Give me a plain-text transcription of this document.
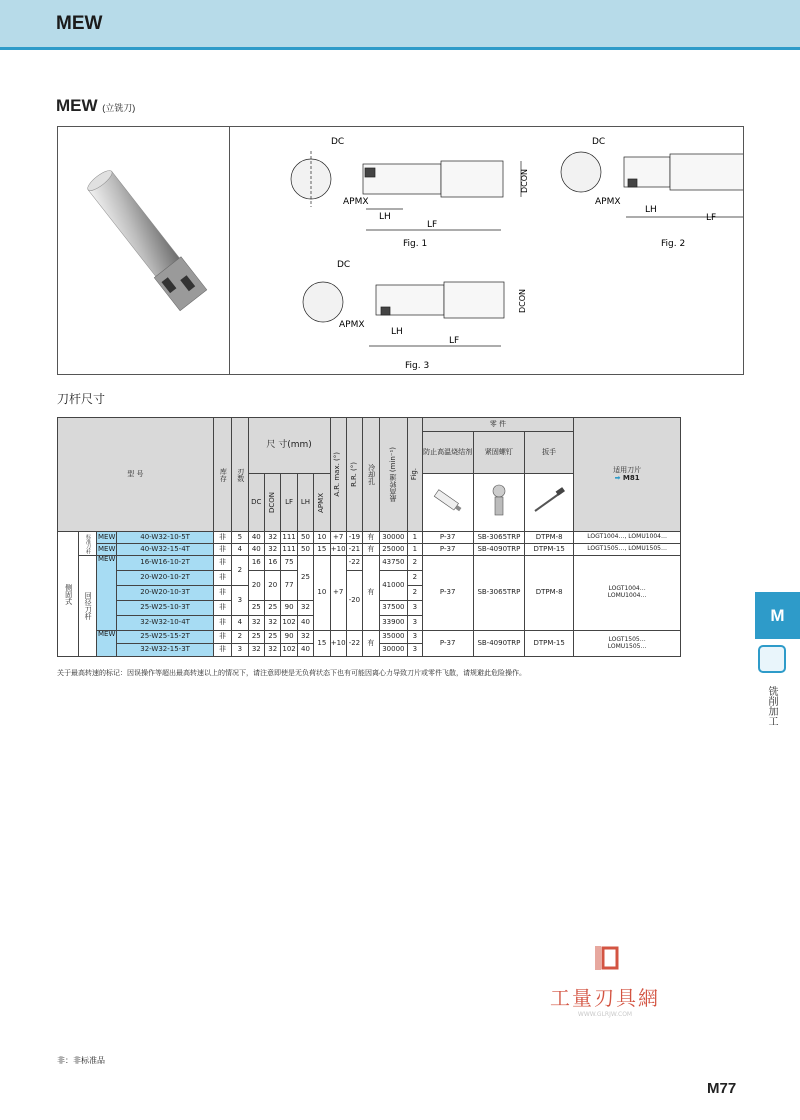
MEW
MEW (立铣刀)
DC
APMX
LH
LF
DCON
Fig. 1
DC
APMX
LH
LF
Fig. 2
DC
APMX
LH
LF
DCON
Fig. 3
刀杆尺寸
型 号				库存	刃数	尺 寸(mm)					A.R. max. (°)	R.R. (°)	冷却孔	最高转速 (min⁻¹)	Fig.	零 件			适用刀片
➡ M81

																防止高温烧结剂	紧固螺钉	扳手	
						DC	DCON	LF	LH	APMX

侧固式	标准刀杆	MEW	40-W32-10-5T	非	5	40	32	111	50	10	+7	-19	有	30000	1	P-37	SB-3065TRP	DTPM-8	LOGT1004…, LOMU1004…
		MEW	40-W32-15-4T	非	4	40	32	111	50	15	+10	-21	有	25000	1	P-37	SB-4090TRP	DTPM-15	LOGT1505…, LOMU1505…

	回径刀杆	MEW	16-W16-10-2T	非	2	16	16	75	25	10	+7	-22	有	43750	2	P-37	SB-3065TRP	DTPM-8	LOGT1004…
LOMU1004…

			20-W20-10-2T	非		20	20	77				-20		41000	2				
			20-W20-10-3T	非	3										2				
			25-W25-10-3T	非		25	25	90	32					37500	3				
			32-W32-10-4T	非	4	32	32	102	40					33900	3				
		MEW	25-W25-15-2T	非	2	25	25	90	32	15	+10	-22	有	35000	3	P-37	SB-4090TRP	DTPM-15	LOGT1505…
LOMU1505…

			32-W32-15-3T	非	3	32	32	102	40					30000	3				
关于最高转速的标记：因误操作等超出最高转速以上的情况下，请注意即使是无负荷状态下也有可能因离心力导致刀片或零件飞散，请规避此危险操作。
M
铣削加工
工量刃具網
WWW.GLRJW.COM
非：非标准品
M77
